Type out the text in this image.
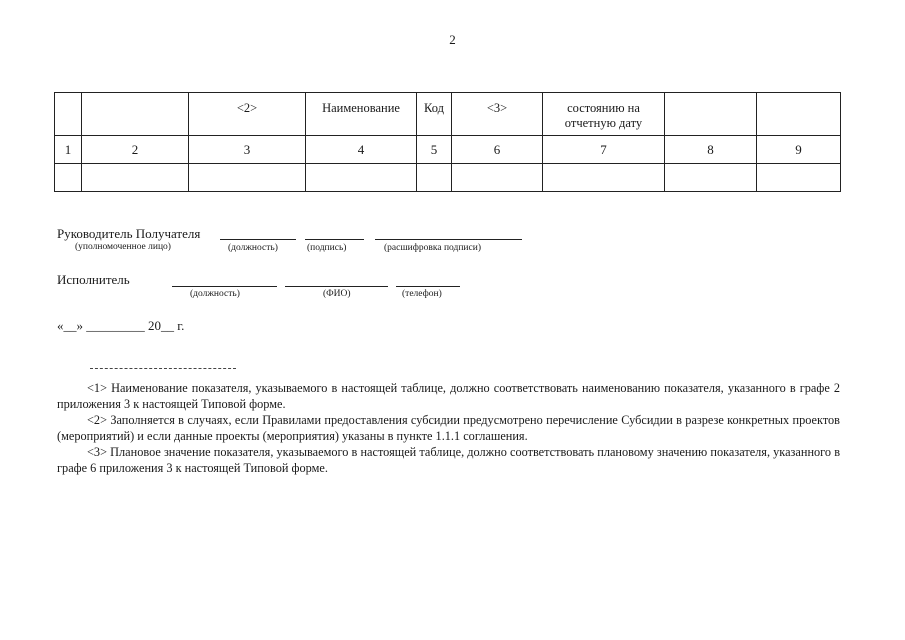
2
		<2>	Наименование	Код	<3>	состоянию на отчетную дату		
1	2	3	4	5	6	7	8	9

Руководитель Получателя
(уполномоченное лицо)	(должность)	(подпись)	(расшифровка подписи)
Исполнитель
(должность)	(ФИО)	(телефон)
«__» _________ 20__ г.

<1> Наименование показателя, указываемого в настоящей таблице, должно соответствовать наименованию показателя, указанного в графе 2 приложения 3 к настоящей Типовой форме.

<2> Заполняется в случаях, если Правилами предоставления субсидии предусмотрено перечисление Субсидии в разрезе конкретных проектов (мероприятий) и если данные проекты (мероприятия) указаны в пункте 1.1.1 соглашения.

<3> Плановое значение показателя, указываемого в настоящей таблице, должно соответствовать плановому значению показателя, указанного в графе 6 приложения 3 к настоящей Типовой форме.
